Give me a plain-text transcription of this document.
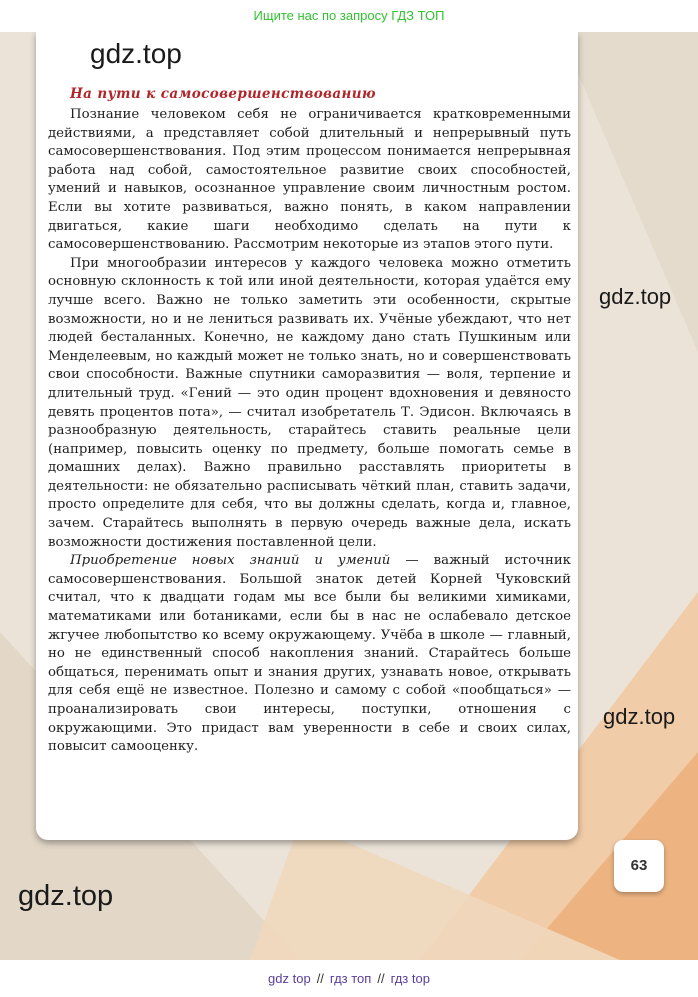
Ищите нас по запросу ГДЗ ТОП
gdz.top
gdz.top
gdz.top
gdz.top
На пути к самосовершенствованию

Познание человеком себя не ограничивается кратковременными действиями, а представляет собой длительный и непрерывный путь самосовершенствования. Под этим процессом понимается непрерывная работа над собой, самостоятельное развитие своих способностей, умений и навыков, осознанное управление своим личностным ростом. Если вы хотите развиваться, важно понять, в каком направлении двигаться, какие шаги необходимо сделать на пути к самосовершенствованию. Рассмотрим некоторые из этапов этого пути.

При многообразии интересов у каждого человека можно отметить основную склонность к той или иной деятельности, которая удаётся ему лучше всего. Важно не только заметить эти особенности, скрытые возможности, но и не лениться развивать их. Учёные убеждают, что нет людей бесталанных. Конечно, не каждому дано стать Пушкиным или Менделеевым, но каждый может не только знать, но и совершенствовать свои способности. Важные спутники саморазвития — воля, терпение и длительный труд. «Гений — это один процент вдохновения и девяносто девять процентов пота», — считал изобретатель Т. Эдисон. Включаясь в разнообразную деятельность, старайтесь ставить реальные цели (например, повысить оценку по предмету, больше помогать семье в домашних делах). Важно правильно расставлять приоритеты в деятельности: не обязательно расписывать чёткий план, ставить задачи, просто определите для себя, что вы должны сделать, когда и, главное, зачем. Старайтесь выполнять в первую очередь важные дела, искать возможности достижения поставленной цели.

Приобретение новых знаний и умений — важный источник самосовершенствования. Большой знаток детей Корней Чуковский считал, что к двадцати годам мы все были бы великими химиками, математиками или ботаниками, если бы в нас не ослабевало детское жгучее любопытство ко всему окружающему. Учёба в школе — главный, но не единственный способ накопления знаний. Старайтесь больше общаться, перенимать опыт и знания других, узнавать новое, открывать для себя ещё не известное. Полезно и самому с собой «пообщаться» — проанализировать свои интересы, поступки, отношения с окружающими. Это придаст вам уверенности в себе и своих силах, повысит самооценку.

63
gdz top // гдз топ // гдз top
